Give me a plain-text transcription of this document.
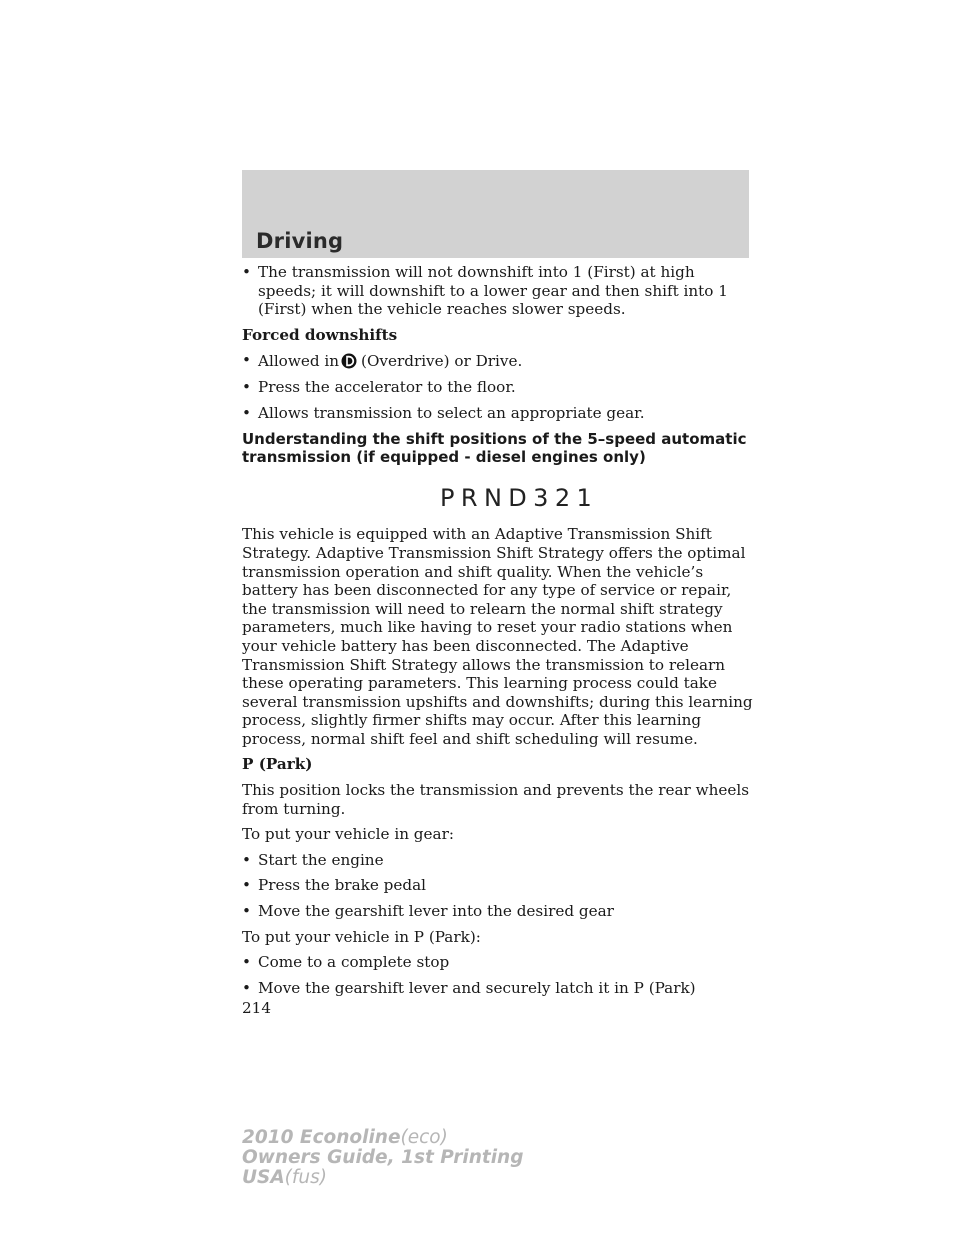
Driving
• The transmission will not downshift into 1 (First) at high speeds; it will downshift to a lower gear and then shift into 1 (First) when the vehicle reaches slower speeds.
Forced downshifts
• Allowed in (Overdrive) or Drive.
• Press the accelerator to the floor.
• Allows transmission to select an appropriate gear.
Understanding the shift positions of the 5–speed automatic
transmission (if equipped - diesel engines only)
PRND321

This vehicle is equipped with an Adaptive Transmission Shift Strategy. Adaptive Transmission Shift Strategy offers the optimal transmission operation and shift quality. When the vehicle’s battery has been disconnected for any type of service or repair, the transmission will need to relearn the normal shift strategy parameters, much like having to reset your radio stations when your vehicle battery has been disconnected. The Adaptive Transmission Shift Strategy allows the transmission to relearn these operating parameters. This learning process could take several transmission upshifts and downshifts; during this learning process, slightly firmer shifts may occur. After this learning process, normal shift feel and shift scheduling will resume.

P (Park)

This position locks the transmission and prevents the rear wheels from turning.

To put your vehicle in gear:

• Start the engine
• Press the brake pedal
• Move the gearshift lever into the desired gear

To put your vehicle in P (Park):

• Come to a complete stop
• Move the gearshift lever and securely latch it in P (Park)
214
2010 Econoline(eco)
Owners Guide, 1st Printing
USA(fus)
